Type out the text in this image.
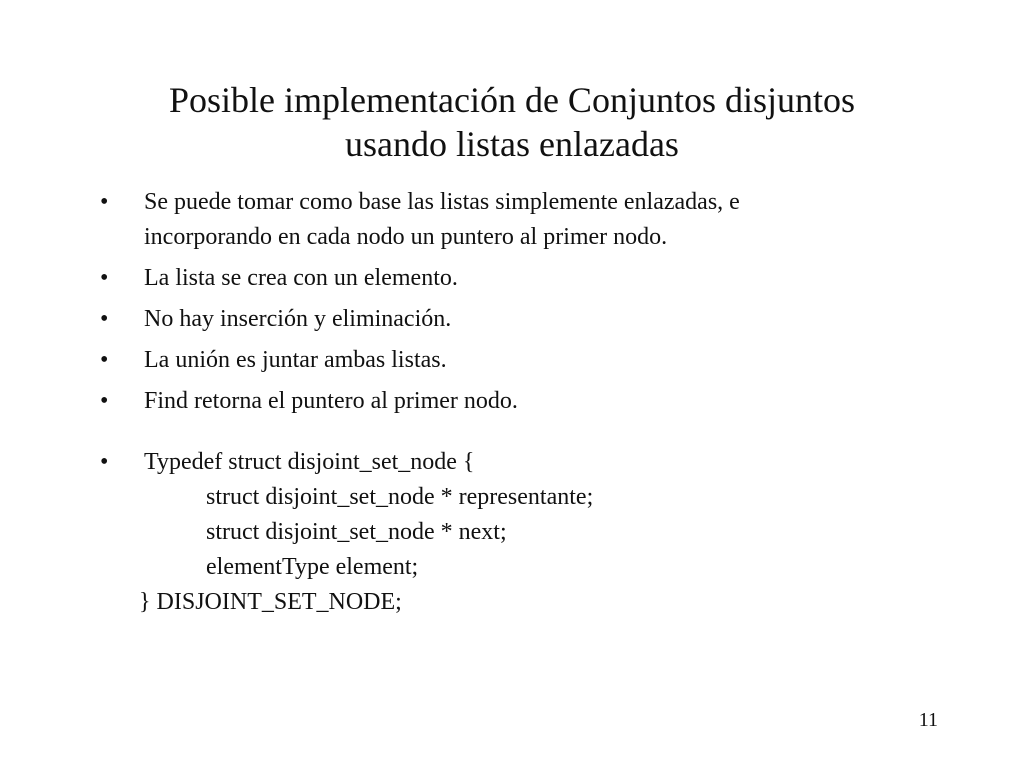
Posible implementación de Conjuntos disjuntos
usando listas enlazadas
•	Se puede tomar como base las listas simplemente enlazadas, e
incorporando en cada nodo un puntero al primer nodo.
•	La lista se crea con un elemento.
•	No hay inserción y eliminación.
•	La unión es juntar ambas listas.
•	Find retorna el puntero al primer nodo.
•	Typedef struct disjoint_set_node {
struct disjoint_set_node * representante;
struct disjoint_set_node * next;
elementType element;
} DISJOINT_SET_NODE;
11
